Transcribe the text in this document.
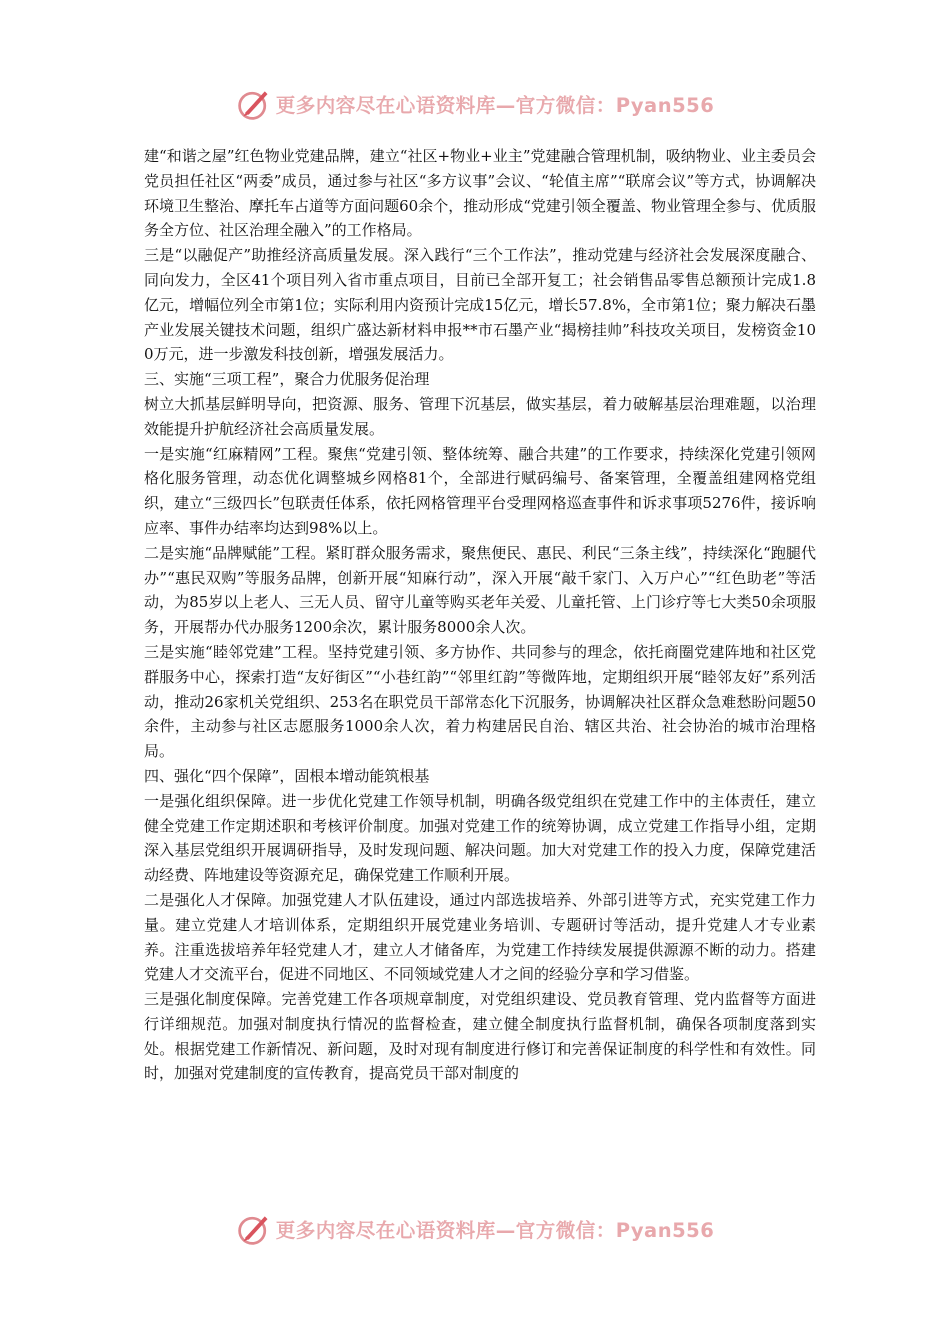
更多内容尽在心语资料库—官方微信：Pyan556

建“和谐之屋”红色物业党建品牌，建立“社区+物业+业主”党建融合管理机制，吸纳物业、业主委员会党员担任社区“两委”成员，通过参与社区“多方议事”会议、“轮值主席”“联席会议”等方式，协调解决环境卫生整治、摩托车占道等方面问题60余个，推动形成“党建引领全覆盖、物业管理全参与、优质服务全方位、社区治理全融入”的工作格局。

三是“以融促产”助推经济高质量发展。深入践行“三个工作法”，推动党建与经济社会发展深度融合、同向发力，全区41个项目列入省市重点项目，目前已全部开复工；社会销售品零售总额预计完成1.8亿元，增幅位列全市第1位；实际利用内资预计完成15亿元，增长57.8%，全市第1位；聚力解决石墨产业发展关键技术问题，组织广盛达新材料申报**市石墨产业“揭榜挂帅”科技攻关项目，发榜资金100万元，进一步激发科技创新，增强发展活力。

三、实施“三项工程”，聚合力优服务促治理

树立大抓基层鲜明导向，把资源、服务、管理下沉基层，做实基层，着力破解基层治理难题，以治理效能提升护航经济社会高质量发展。

一是实施“红麻精网”工程。聚焦“党建引领、整体统筹、融合共建”的工作要求，持续深化党建引领网格化服务管理，动态优化调整城乡网格81个，全部进行赋码编号、备案管理，全覆盖组建网格党组织，建立“三级四长”包联责任体系，依托网格管理平台受理网格巡查事件和诉求事项5276件，接诉响应率、事件办结率均达到98%以上。

二是实施“品牌赋能”工程。紧盯群众服务需求，聚焦便民、惠民、利民“三条主线”，持续深化“跑腿代办”“惠民双购”等服务品牌，创新开展“知麻行动”，深入开展“敲千家门、入万户心”“红色助老”等活动，为85岁以上老人、三无人员、留守儿童等购买老年关爱、儿童托管、上门诊疗等七大类50余项服务，开展帮办代办服务1200余次，累计服务8000余人次。

三是实施“睦邻党建”工程。坚持党建引领、多方协作、共同参与的理念，依托商圈党建阵地和社区党群服务中心，探索打造“友好街区”“小巷红韵”“邻里红韵”等微阵地，定期组织开展“睦邻友好”系列活动，推动26家机关党组织、253名在职党员干部常态化下沉服务，协调解决社区群众急难愁盼问题50余件，主动参与社区志愿服务1000余人次，着力构建居民自治、辖区共治、社会协治的城市治理格局。

四、强化“四个保障”，固根本增动能筑根基

一是强化组织保障。进一步优化党建工作领导机制，明确各级党组织在党建工作中的主体责任，建立健全党建工作定期述职和考核评价制度。加强对党建工作的统筹协调，成立党建工作指导小组，定期深入基层党组织开展调研指导，及时发现问题、解决问题。加大对党建工作的投入力度，保障党建活动经费、阵地建设等资源充足，确保党建工作顺利开展。

二是强化人才保障。加强党建人才队伍建设，通过内部选拔培养、外部引进等方式，充实党建工作力量。建立党建人才培训体系，定期组织开展党建业务培训、专题研讨等活动，提升党建人才专业素养。注重选拔培养年轻党建人才，建立人才储备库，为党建工作持续发展提供源源不断的动力。搭建党建人才交流平台，促进不同地区、不同领域党建人才之间的经验分享和学习借鉴。

三是强化制度保障。完善党建工作各项规章制度，对党组织建设、党员教育管理、党内监督等方面进行详细规范。加强对制度执行情况的监督检查，建立健全制度执行监督机制，确保各项制度落到实处。根据党建工作新情况、新问题，及时对现有制度进行修订和完善保证制度的科学性和有效性。同时，加强对党建制度的宣传教育，提高党员干部对制度的

更多内容尽在心语资料库—官方微信：Pyan556
